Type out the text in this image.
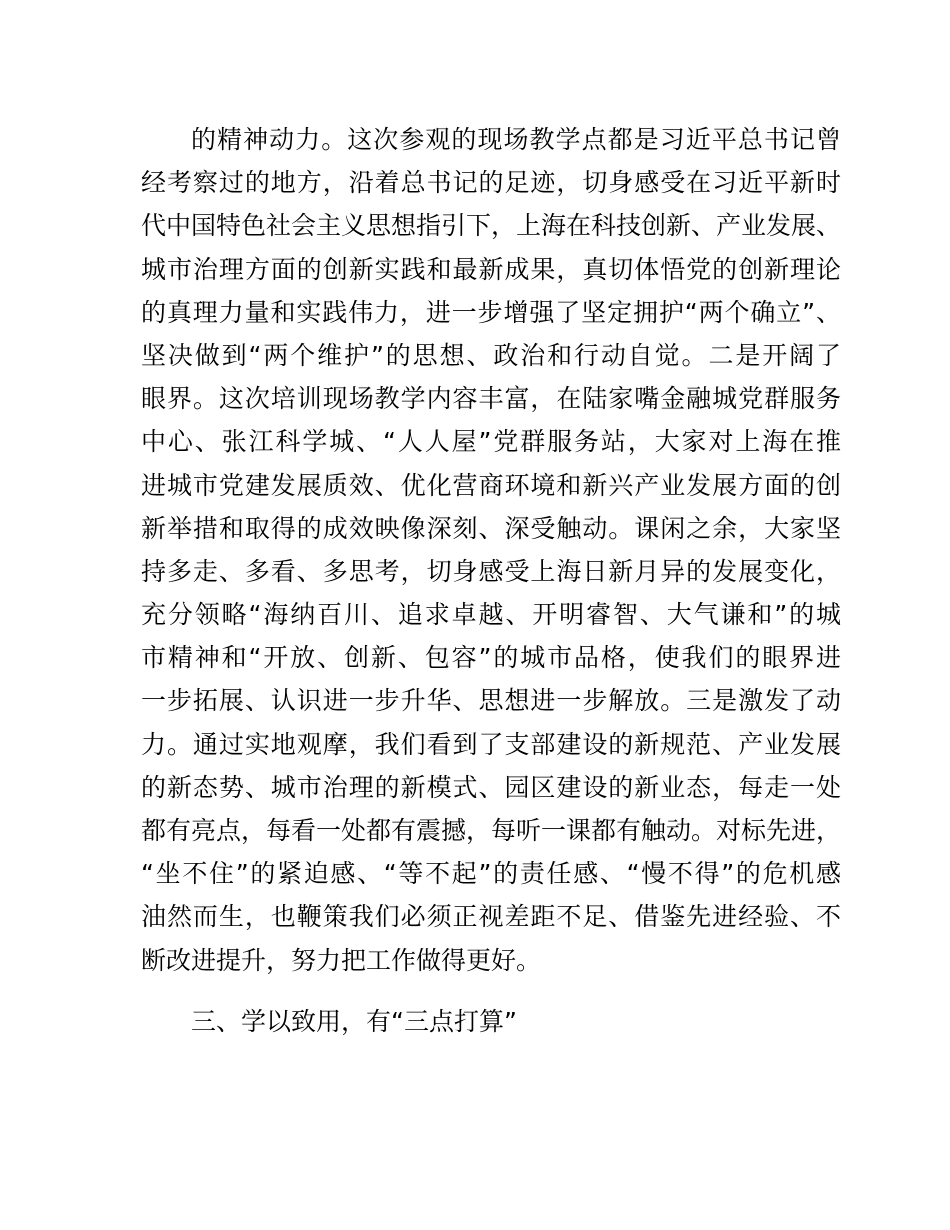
的精神动力。这次参观的现场教学点都是习近平总书记曾
经考察过的地方，沿着总书记的足迹，切身感受在习近平新时
代中国特色社会主义思想指引下，上海在科技创新、产业发展、
城市治理方面的创新实践和最新成果，真切体悟党的创新理论
的真理力量和实践伟力，进一步增强了坚定拥护“两个确立”、
坚决做到“两个维护”的思想、政治和行动自觉。二是开阔了
眼界。这次培训现场教学内容丰富，在陆家嘴金融城党群服务
中心、张江科学城、“人人屋”党群服务站，大家对上海在推
进城市党建发展质效、优化营商环境和新兴产业发展方面的创
新举措和取得的成效映像深刻、深受触动。课闲之余，大家坚
持多走、多看、多思考，切身感受上海日新月异的发展变化，
充分领略“海纳百川、追求卓越、开明睿智、大气谦和”的城
市精神和“开放、创新、包容”的城市品格，使我们的眼界进
一步拓展、认识进一步升华、思想进一步解放。三是激发了动
力。通过实地观摩，我们看到了支部建设的新规范、产业发展
的新态势、城市治理的新模式、园区建设的新业态，每走一处
都有亮点，每看一处都有震撼，每听一课都有触动。对标先进，
“坐不住”的紧迫感、“等不起”的责任感、“慢不得”的危机感
油然而生，也鞭策我们必须正视差距不足、借鉴先进经验、不
断改进提升，努力把工作做得更好。
三、学以致用，有“三点打算”
